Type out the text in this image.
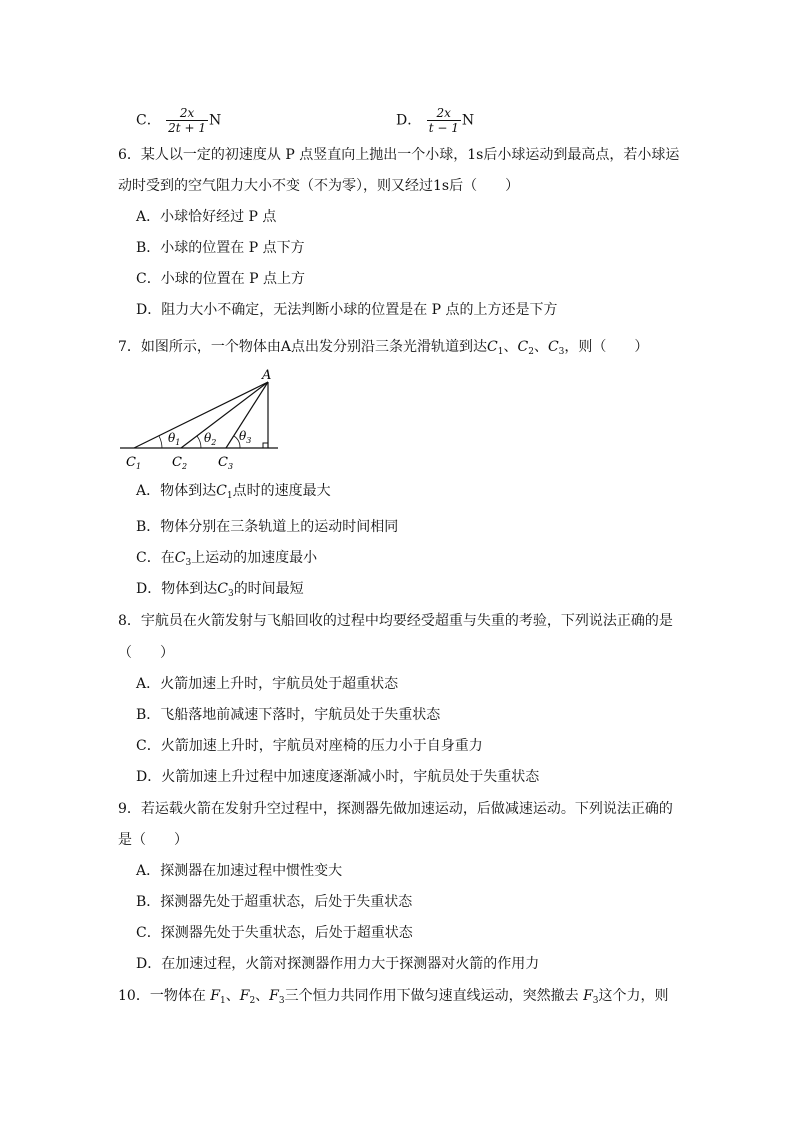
C． $\frac{2x}{2t + 1}$ N	D． $\frac{2x}{t - 1}$ N
6．某人以一定的初速度从 P 点竖直向上抛出一个小球，1s后小球运动到最高点，若小球运
动时受到的空气阻力大小不变（不为零），则又经过1s后（　　）
A．小球恰好经过 P 点
B．小球的位置在 P 点下方
C．小球的位置在 P 点上方
D．阻力大小不确定，无法判断小球的位置是在 P 点的上方还是下方
7．如图所示，一个物体由A点出发分别沿三条光滑轨道到达$C_1$、$C_2$、$C_3$，则（　　）
A
$\theta_1$ $\theta_2$ $\theta_3$
$C_1$ $C_2$ $C_3$
A．物体到达$C_1$点时的速度最大
B．物体分别在三条轨道上的运动时间相同
C．在$C_3$上运动的加速度最小
D．物体到达$C_3$的时间最短
8．宇航员在火箭发射与飞船回收的过程中均要经受超重与失重的考验，下列说法正确的是
（　　）
A．火箭加速上升时，宇航员处于超重状态
B．飞船落地前减速下落时，宇航员处于失重状态
C．火箭加速上升时，宇航员对座椅的压力小于自身重力
D．火箭加速上升过程中加速度逐渐减小时，宇航员处于失重状态
9．若运载火箭在发射升空过程中，探测器先做加速运动，后做减速运动。下列说法正确的
是（　　）
A．探测器在加速过程中惯性变大
B．探测器先处于超重状态，后处于失重状态
C．探测器先处于失重状态，后处于超重状态
D．在加速过程，火箭对探测器作用力大于探测器对火箭的作用力
10．一物体在 $F_1$、$F_2$、$F_3$三个恒力共同作用下做匀速直线运动，突然撤去 $F_3$这个力，则
